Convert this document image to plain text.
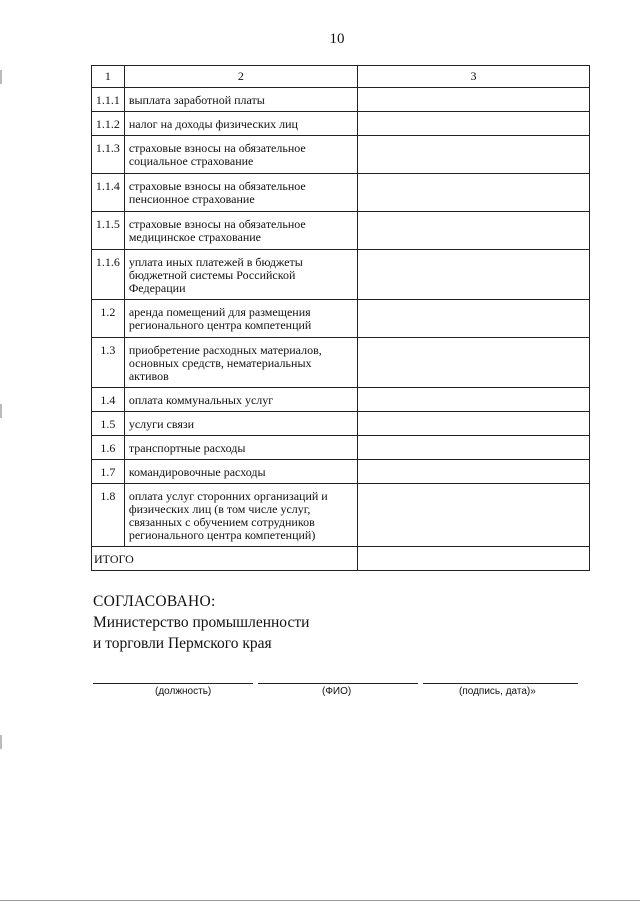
10
1	2	3
1.1.1	выплата заработной платы	
1.1.2	налог на доходы физических лиц	
1.1.3	страховые взносы на обязательное социальное страхование	
1.1.4	страховые взносы на обязательное пенсионное страхование	
1.1.5	страховые взносы на обязательное медицинское страхование	
1.1.6	уплата иных платежей в бюджеты бюджетной системы Российской Федерации	
1.2	аренда помещений для размещения регионального центра компетенций	
1.3	приобретение расходных материалов, основных средств, нематериальных активов	
1.4	оплата коммунальных услуг	
1.5	услуги связи	
1.6	транспортные расходы	
1.7	командировочные расходы	
1.8	оплата услуг сторонних организаций и физических лиц (в том числе услуг, связанных с обучением сотрудников регионального центра компетенций)	
ИТОГО		
СОГЛАСОВАНО:
Министерство промышленности
и торговли Пермского края
(должность)	(ФИО)	(подпись, дата)»
